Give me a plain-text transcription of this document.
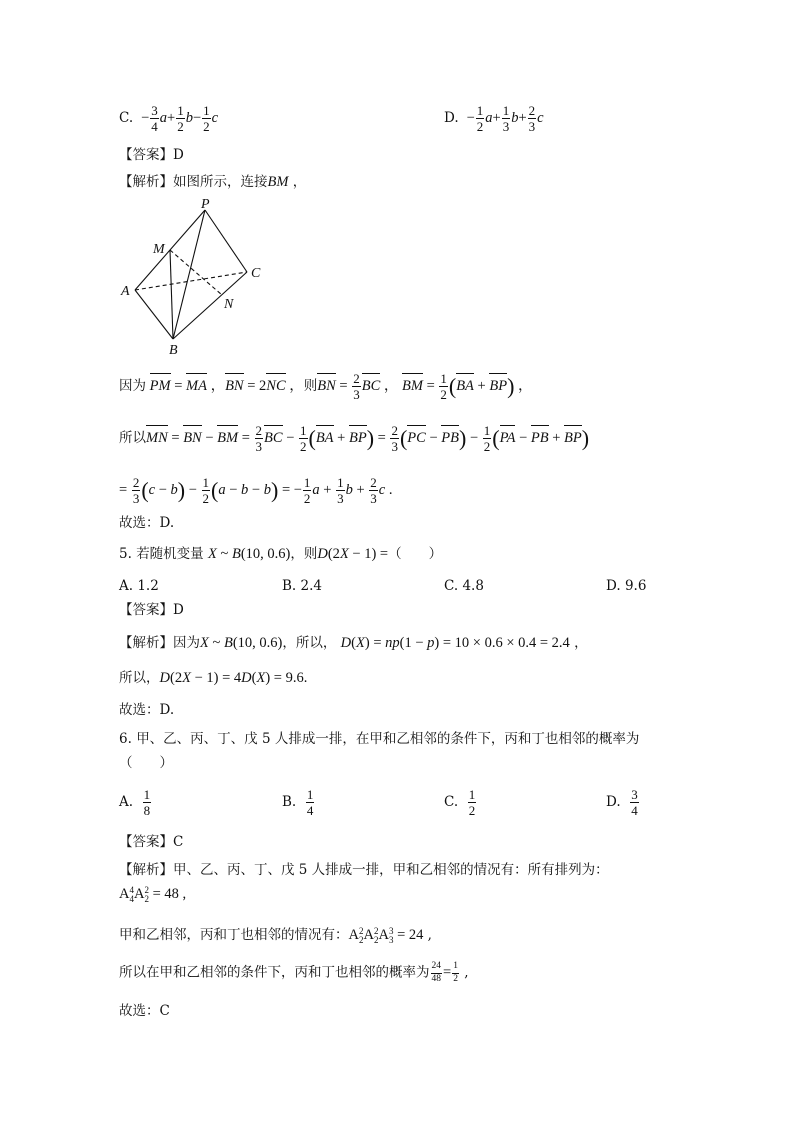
C.  − $\frac{3}{4} a+ \frac{1}{2} b- \frac{1}{2}$ c	D.  − $\frac{1}{2} a+ \frac{1}{3} b+ \frac{2}{3}$ c
【答案】D
【解析】如图所示，连接BM ，
P
M
A
C
N
B
因为 PM = MA ，BN = 2NC ，则BN = $\frac{2}{3}$ BC ， BM = $\frac{1}{2} (BA + BP)$ ，
所以MN = BN − BM = $\frac{2}{3}$ BC − $\frac{1}{2} (BA + BP) = \frac{2}{3} (PC - PB) - \frac{1}{2} (PA$ − PB + BP)
= $\frac{2}{3} (c - b) - \frac{1}{2} (a - b - b)$ = − $\frac{1}{2}$ $a + \frac{1}{3}$ $b + \frac{2}{3}$ c .
故选：D.
5. 若随机变量 X ~ B(10, 0.6)，则D(2X − 1) =（　　）
A. 1.2	B. 2.4	C. 4.8	D. 9.6
【答案】D
【解析】因为X ~ B(10, 0.6)，所以， D(X) = np(1 − p) = 10 × 0.6 × 0.4 = 2.4 ，
所以，D(2X − 1) = 4D(X) = 9.6.
故选：D.
6. 甲、乙、丙、丁、戊 5 人排成一排，在甲和乙相邻的条件下，丙和丁也相邻的概率为
（　　）
A. $\frac{1}{8}$	B. $\frac{1}{4}$	C. $\frac{1}{2}$	D. $\frac{3}{4}$
【答案】C
【解析】甲、乙、丙、丁、戊 5 人排成一排，甲和乙相邻的情况有：所有排列为：
A 4
4 A 2
2 = 48 ,
甲和乙相邻，丙和丁也相邻的情况有：A 2
2 A 2
2 A 3
3 = 24 ,
所以在甲和乙相邻的条件下，丙和丁也相邻的概率为 $\frac{24}{48} = \frac{1}{2}$ ,
故选：C
